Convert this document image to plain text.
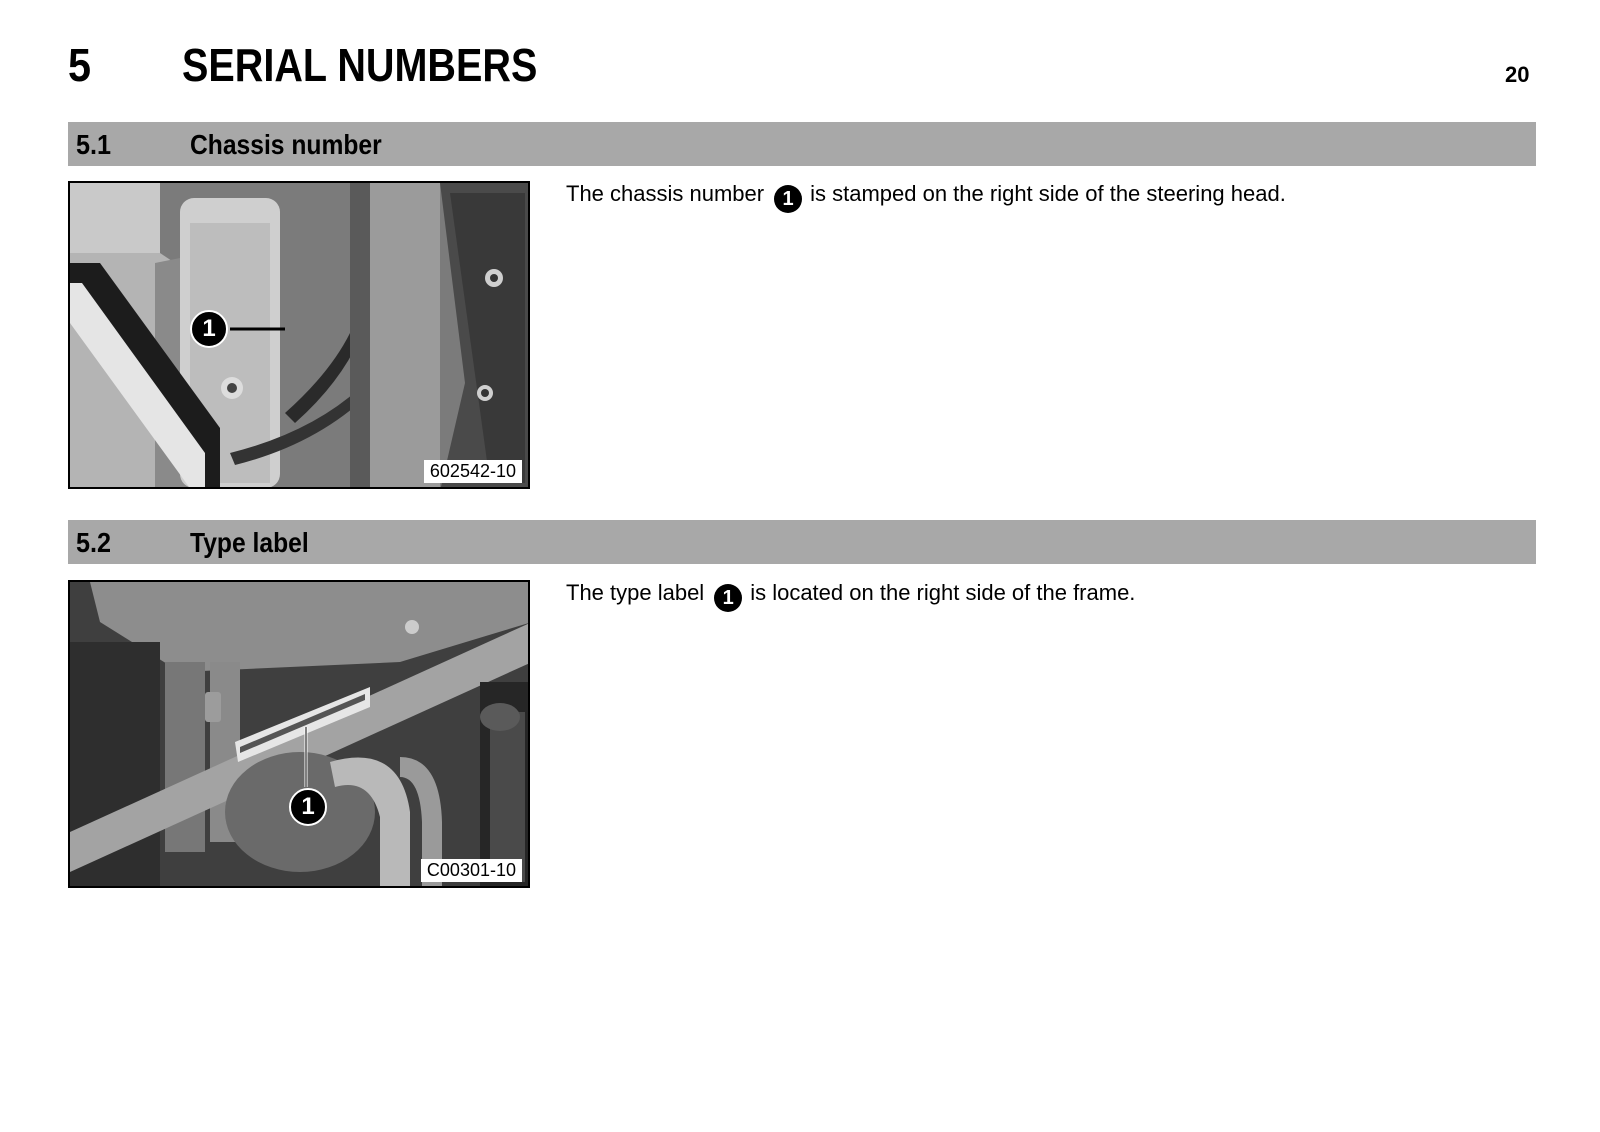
5 SERIAL NUMBERS	20
5.1	Chassis number
1
602542-10
The chassis number 1 is stamped on the right side of the steering head.
5.2	Type label
1
C00301-10
The type label 1 is located on the right side of the frame.
